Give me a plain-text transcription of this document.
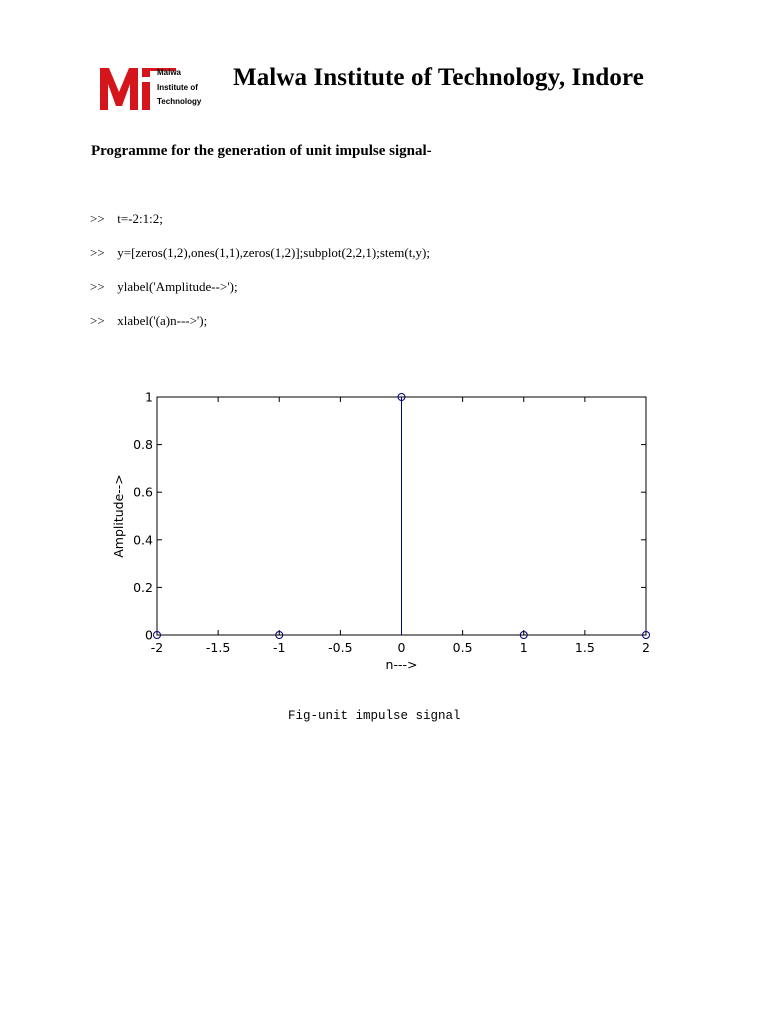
Malwa
Institute of
Technology
Malwa Institute of Technology, Indore
Programme for the generation of unit impulse signal-
>> t=-2:1:2;
>> y=[zeros(1,2),ones(1,1),zeros(1,2)];subplot(2,2,1);stem(t,y);
>> ylabel('Amplitude-->');
>> xlabel('(a)n--->');
-2	-1.5	-1	-0.5	0	0.5	1	1.5	2
0
0.2
0.4
0.6
0.8
1
n--->
Amplitude-->
Fig-unit impulse signal
